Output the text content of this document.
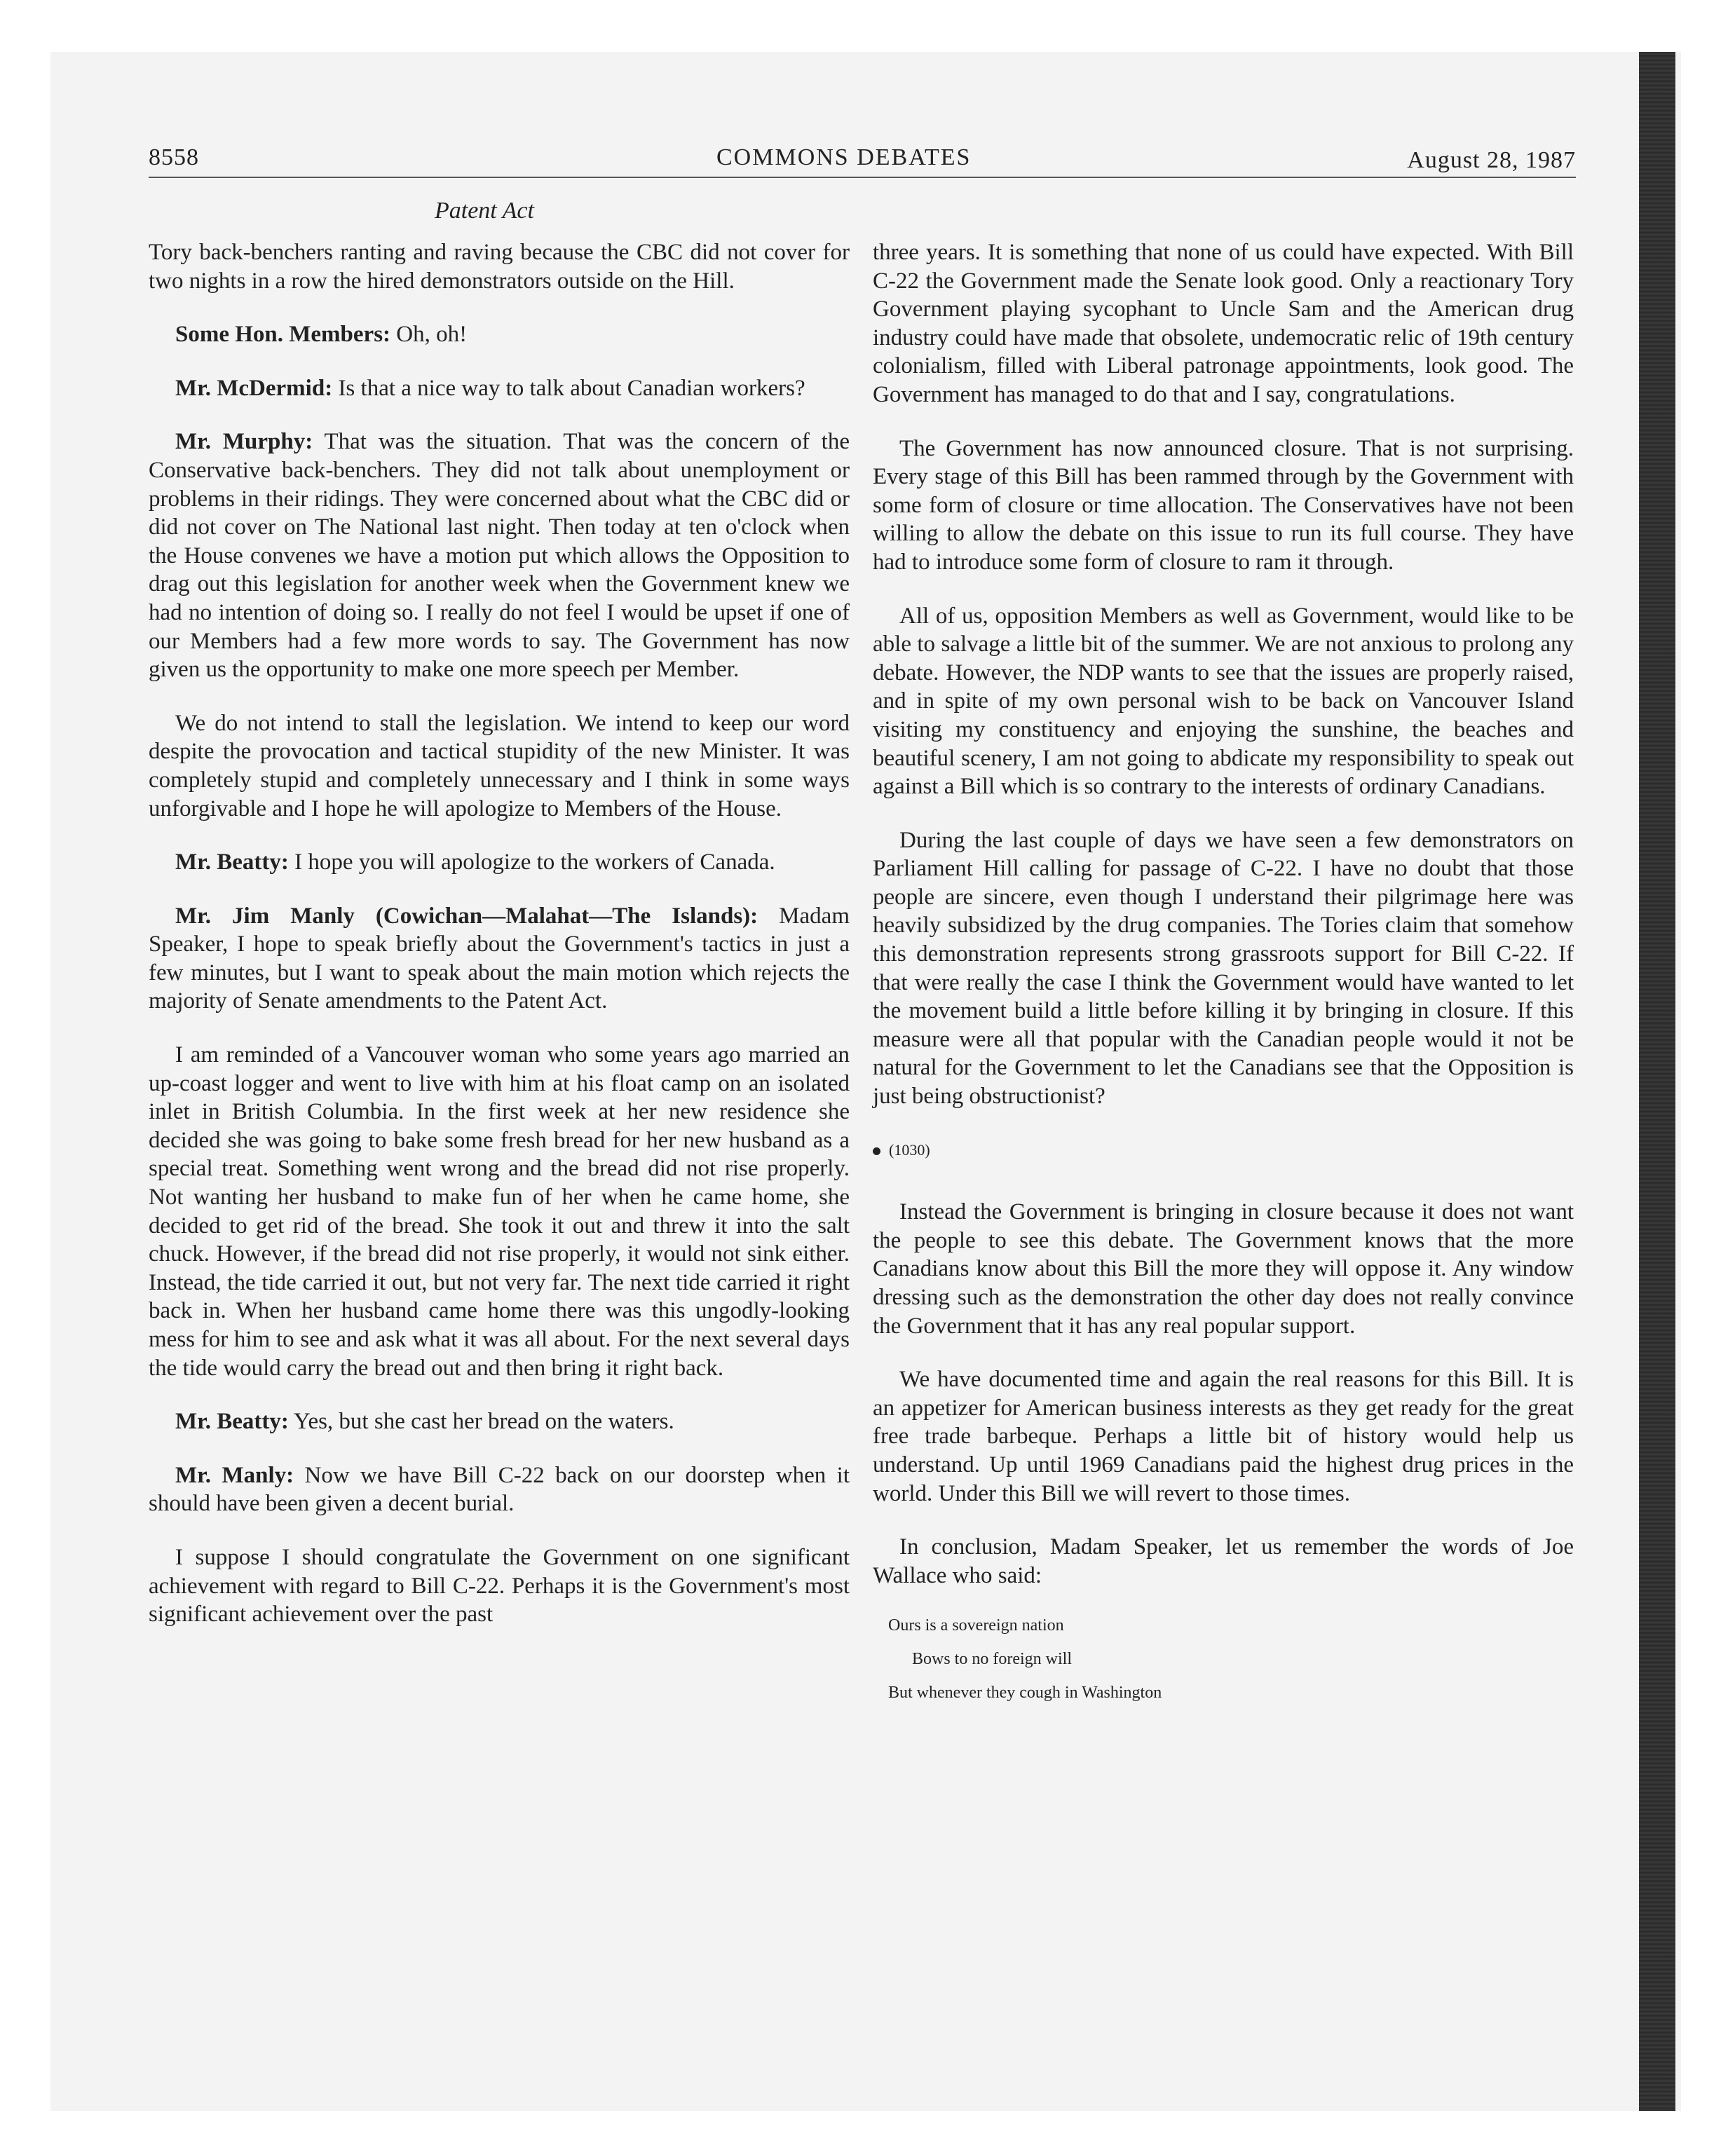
8558	COMMONS DEBATES	August 28, 1987
Patent Act

Tory back-benchers ranting and raving because the CBC did not cover for two nights in a row the hired demonstrators outside on the Hill.

Some Hon. Members: Oh, oh!

Mr. McDermid: Is that a nice way to talk about Canadian workers?

Mr. Murphy: That was the situation. That was the concern of the Conservative back-benchers. They did not talk about unemployment or problems in their ridings. They were concerned about what the CBC did or did not cover on The National last night. Then today at ten o'clock when the House convenes we have a motion put which allows the Opposition to drag out this legislation for another week when the Government knew we had no intention of doing so. I really do not feel I would be upset if one of our Members had a few more words to say. The Government has now given us the opportunity to make one more speech per Member.

We do not intend to stall the legislation. We intend to keep our word despite the provocation and tactical stupidity of the new Minister. It was completely stupid and completely unnecessary and I think in some ways unforgivable and I hope he will apologize to Members of the House.

Mr. Beatty: I hope you will apologize to the workers of Canada.

Mr. Jim Manly (Cowichan—Malahat—The Islands): Madam Speaker, I hope to speak briefly about the Government's tactics in just a few minutes, but I want to speak about the main motion which rejects the majority of Senate amendments to the Patent Act.

I am reminded of a Vancouver woman who some years ago married an up-coast logger and went to live with him at his float camp on an isolated inlet in British Columbia. In the first week at her new residence she decided she was going to bake some fresh bread for her new husband as a special treat. Something went wrong and the bread did not rise properly. Not wanting her husband to make fun of her when he came home, she decided to get rid of the bread. She took it out and threw it into the salt chuck. However, if the bread did not rise properly, it would not sink either. Instead, the tide carried it out, but not very far. The next tide carried it right back in. When her husband came home there was this ungodly-looking mess for him to see and ask what it was all about. For the next several days the tide would carry the bread out and then bring it right back.

Mr. Beatty: Yes, but she cast her bread on the waters.

Mr. Manly: Now we have Bill C-22 back on our doorstep when it should have been given a decent burial.

I suppose I should congratulate the Government on one significant achievement with regard to Bill C-22. Perhaps it is the Government's most significant achievement over the past

three years. It is something that none of us could have expected. With Bill C-22 the Government made the Senate look good. Only a reactionary Tory Government playing sycophant to Uncle Sam and the American drug industry could have made that obsolete, undemocratic relic of 19th century colonialism, filled with Liberal patronage appointments, look good. The Government has managed to do that and I say, congratulations.

The Government has now announced closure. That is not surprising. Every stage of this Bill has been rammed through by the Government with some form of closure or time allocation. The Conservatives have not been willing to allow the debate on this issue to run its full course. They have had to introduce some form of closure to ram it through.

All of us, opposition Members as well as Government, would like to be able to salvage a little bit of the summer. We are not anxious to prolong any debate. However, the NDP wants to see that the issues are properly raised, and in spite of my own personal wish to be back on Vancouver Island visiting my constituency and enjoying the sunshine, the beaches and beautiful scenery, I am not going to abdicate my responsibility to speak out against a Bill which is so contrary to the interests of ordinary Canadians.

During the last couple of days we have seen a few demonstrators on Parliament Hill calling for passage of C-22. I have no doubt that those people are sincere, even though I understand their pilgrimage here was heavily subsidized by the drug companies. The Tories claim that somehow this demonstration represents strong grassroots support for Bill C-22. If that were really the case I think the Government would have wanted to let the movement build a little before killing it by bringing in closure. If this measure were all that popular with the Canadian people would it not be natural for the Government to let the Canadians see that the Opposition is just being obstructionist?

(1030)

Instead the Government is bringing in closure because it does not want the people to see this debate. The Government knows that the more Canadians know about this Bill the more they will oppose it. Any window dressing such as the demonstration the other day does not really convince the Government that it has any real popular support.

We have documented time and again the real reasons for this Bill. It is an appetizer for American business interests as they get ready for the great free trade barbeque. Perhaps a little bit of history would help us understand. Up until 1969 Canadians paid the highest drug prices in the world. Under this Bill we will revert to those times.

In conclusion, Madam Speaker, let us remember the words of Joe Wallace who said:

Ours is a sovereign nation

Bows to no foreign will

But whenever they cough in Washington
